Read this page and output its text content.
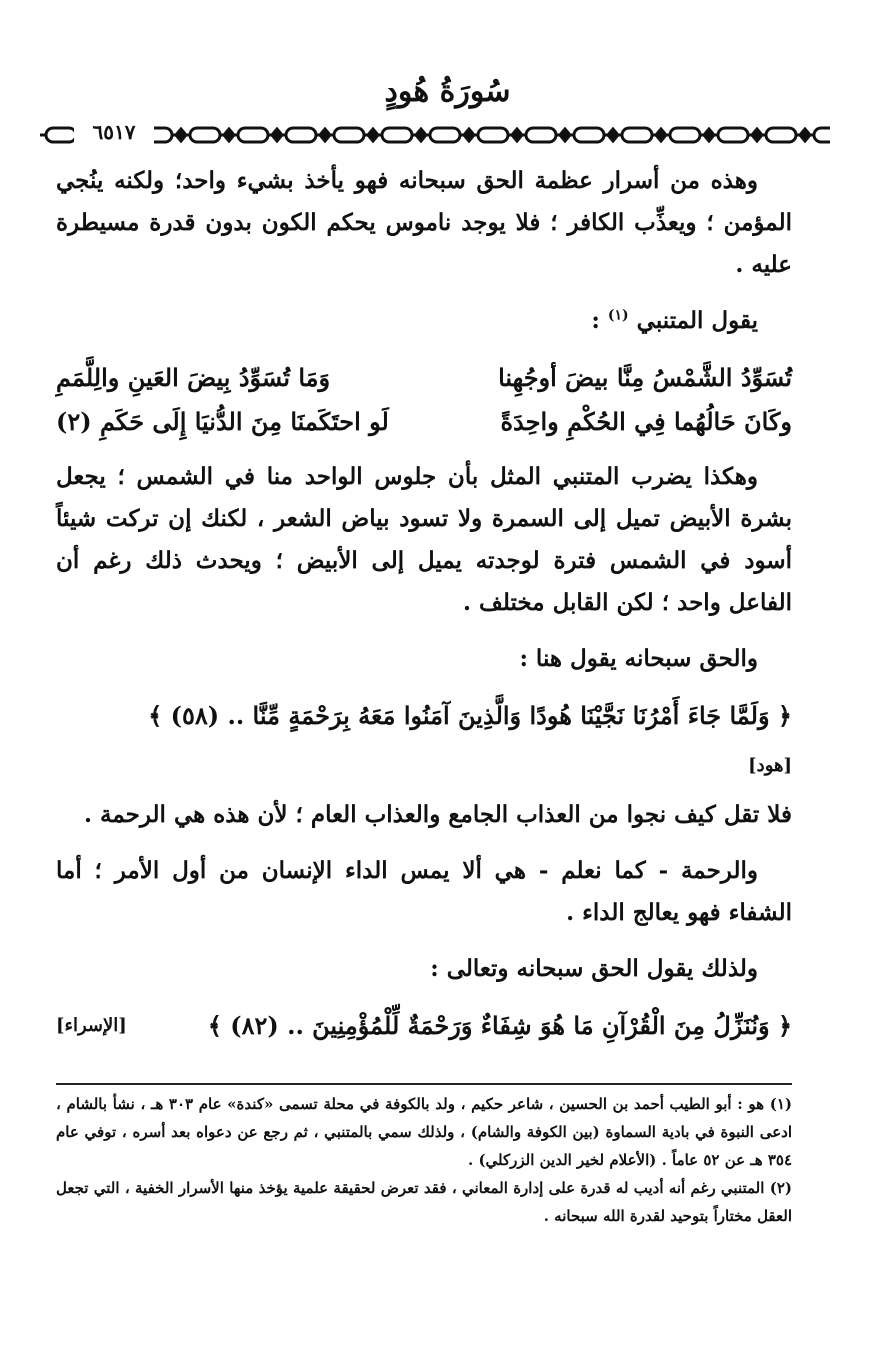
سُورَةُ هُودٍ
٦٥١٧

وهذه من أسرار عظمة الحق سبحانه فهو يأخذ بشيء واحد؛ ولكنه ينُجي المؤمن ؛ ويعذِّب الكافر ؛ فلا يوجد ناموس يحكم الكون بدون قدرة مسيطرة عليه .

يقول المتنبي $^{(١)}$ :

تُسَوِّدُ الشَّمْسُ مِنَّا بيضَ أوجُهِنا
وَمَا تُسَوِّدُ بِيضَ العَينِ والِلَّمَمِ
وكَانَ حَالُهُما فِي الحُكْمِ واحِدَةً
لَو احتَكَمنَا مِنَ الدُّنيَا إِلَى حَكَمِ (٢)

وهكذا يضرب المتنبي المثل بأن جلوس الواحد منا في الشمس ؛ يجعل بشرة الأبيض تميل إلى السمرة ولا تسود بياض الشعر ، لكنك إن تركت شيئاً أسود في الشمس فترة لوجدته يميل إلى الأبيض ؛ ويحدث ذلك رغم أن الفاعل واحد ؛ لكن القابل مختلف .

والحق سبحانه يقول هنا :

﴿ وَلَمَّا جَاءَ أَمْرُنَا نَجَّيْنَا هُودًا وَالَّذِينَ آمَنُوا مَعَهُ بِرَحْمَةٍ مِّنَّا .. (٥٨) ﴾

[هود]

فلا تقل كيف نجوا من العذاب الجامع والعذاب العام ؛ لأن هذه هي الرحمة .

والرحمة - كما نعلم - هي ألا يمس الداء الإنسان من أول الأمر ؛ أما الشفاء فهو يعالج الداء .

ولذلك يقول الحق سبحانه وتعالى :

﴿ وَنُنَزِّلُ مِنَ الْقُرْآنِ مَا هُوَ شِفَاءٌ وَرَحْمَةٌ لِّلْمُؤْمِنِينَ .. (٨٢) ﴾
[الإسراء]

(١) هو : أبو الطيب أحمد بن الحسين ، شاعر حكيم ، ولد بالكوفة في محلة تسمى «كندة» عام ٣٠٣ هـ ، نشأ بالشام ، ادعى النبوة في بادية السماوة (بين الكوفة والشام) ، ولذلك سمي بالمتنبي ، ثم رجع عن دعواه بعد أسره ، توفي عام ٣٥٤ هـ عن ٥٢ عاماً . (الأعلام لخير الدين الزركلي) .

(٢) المتنبي رغم أنه أديب له قدرة على إدارة المعاني ، فقد تعرض لحقيقة علمية يؤخذ منها الأسرار الخفية ، التي تجعل العقل مختاراً بتوحيد لقدرة الله سبحانه .
